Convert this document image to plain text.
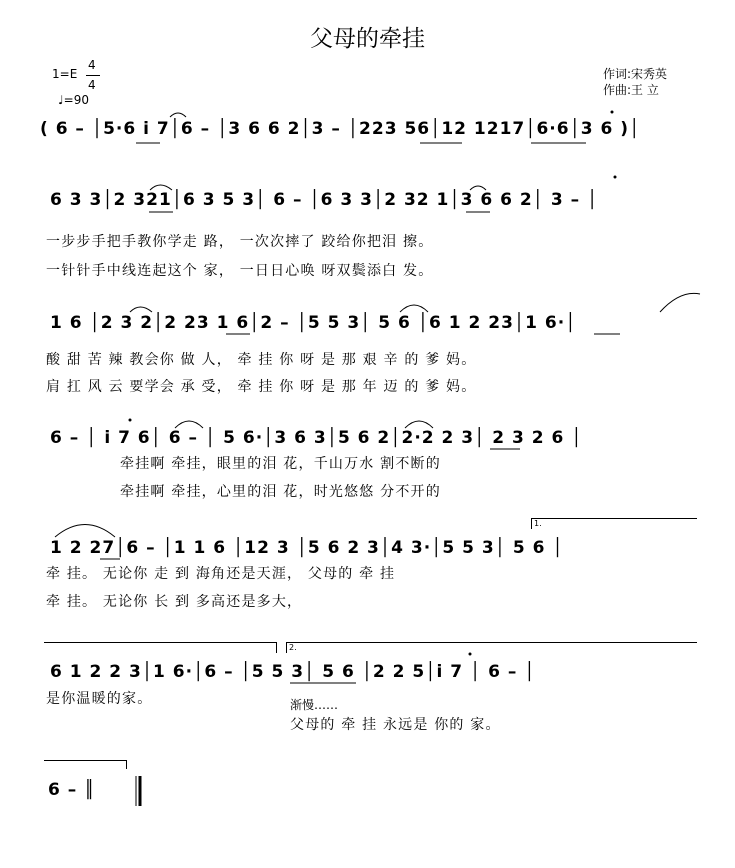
父母的牵挂
1=E
4
4
♩=90
作词:宋秀英
作曲:王 立
( 6 – │5·6 i 7│6 – │3 6 6 2│3 – │223 56│12 1217│6·6│3 6 )│
6 3 3│2 321│6 3 5 3│ 6 – │6 3 3│2 32 1│3 6 6 2│ 3 – │
一步步手把手教你学走 路， 一次次摔了 跤给你把泪 擦。
一针针手中线连起这个 家， 一日日心唤 呀双鬓添白 发。
1 6 │2 3 2│2 23 1 6│2 – │5 5 3│ 5 6 │6 1 2 23│1 6·│
酸 甜 苦 辣 教会你 做 人， 牵 挂 你 呀 是 那 艰 辛 的 爹 妈。
肩 扛 风 云 要学会 承 受， 牵 挂 你 呀 是 那 年 迈 的 爹 妈。
6 – │ i 7 6│ 6 – │ 5 6·│3 6 3│5 6 2│2·2 2 3│ 2 3 2 6 │
牵挂啊 牵挂，眼里的泪 花，千山万水 割不断的
牵挂啊 牵挂，心里的泪 花，时光悠悠 分不开的
1 2 27│6 – │1 1 6 │12 3 │5 6 2 3│4 3·│5 5 3│ 5 6 │
牵 挂。 无论你 走 到 海角还是天涯， 父母的 牵 挂
牵 挂。 无论你 长 到 多高还是多大，
6 1 2 2 3│1 6·│6 – │5 5 3│ 5 6 │2 2 5│i 7 │ 6 – │
是你温暖的家。	渐慢……
父母的 牵 挂 永远是 你的 家。
6 – ║
1.
2.
